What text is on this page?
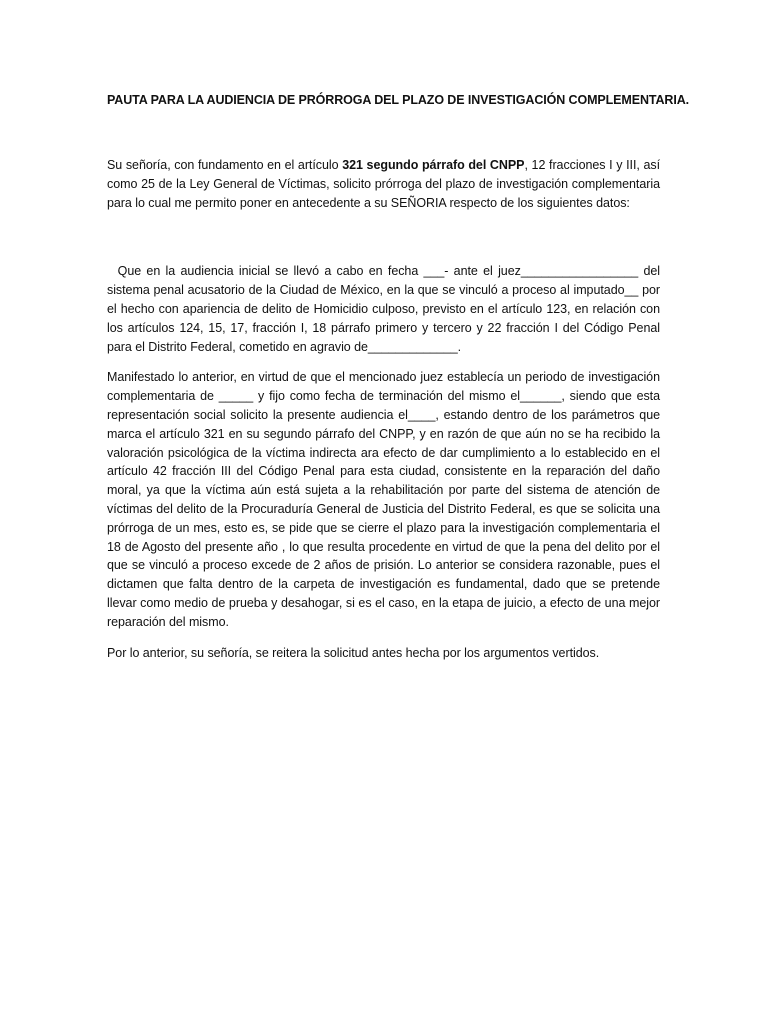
PAUTA PARA LA AUDIENCIA DE PRÓRROGA DEL PLAZO DE INVESTIGACIÓN COMPLEMENTARIA.

Su señoría, con fundamento en el artículo 321 segundo párrafo del CNPP, 12 fracciones I y III, así como 25 de la Ley General de Víctimas, solicito prórroga del plazo de investigación complementaria para lo cual me permito poner en antecedente a su SEÑORIA respecto de los siguientes datos:

Que en la audiencia inicial se llevó a cabo en fecha ___- ante el juez_________________ del sistema penal acusatorio de la Ciudad de México, en la que se vinculó a proceso al imputado__ por el hecho con apariencia de delito de Homicidio culposo, previsto en el artículo 123, en relación con los artículos 124, 15, 17, fracción I, 18 párrafo primero y tercero y 22 fracción I del Código Penal para el Distrito Federal, cometido en agravio de_____________.

Manifestado lo anterior, en virtud de que el mencionado juez establecía un periodo de investigación complementaria de _____ y fijo como fecha de terminación del mismo el______, siendo que esta representación social solicito la presente audiencia el____, estando dentro de los parámetros que marca el artículo 321 en su segundo párrafo del CNPP, y en razón de que aún no se ha recibido la valoración psicológica de la víctima indirecta ara efecto de dar cumplimiento a lo establecido en el artículo 42 fracción III del Código Penal para esta ciudad, consistente en la reparación del daño moral, ya que la víctima aún está sujeta a la rehabilitación por parte del sistema de atención de víctimas del delito de la Procuraduría General de Justicia del Distrito Federal, es que se solicita una prórroga de un mes, esto es, se pide que se cierre el plazo para la investigación complementaria el 18 de Agosto del presente año , lo que resulta procedente en virtud de que la pena del delito por el que se vinculó a proceso excede de 2 años de prisión. Lo anterior se considera razonable, pues el dictamen que falta dentro de la carpeta de investigación es fundamental, dado que se pretende llevar como medio de prueba y desahogar, si es el caso, en la etapa de juicio, a efecto de una mejor reparación del mismo.

Por lo anterior, su señoría, se reitera la solicitud antes hecha por los argumentos vertidos.
